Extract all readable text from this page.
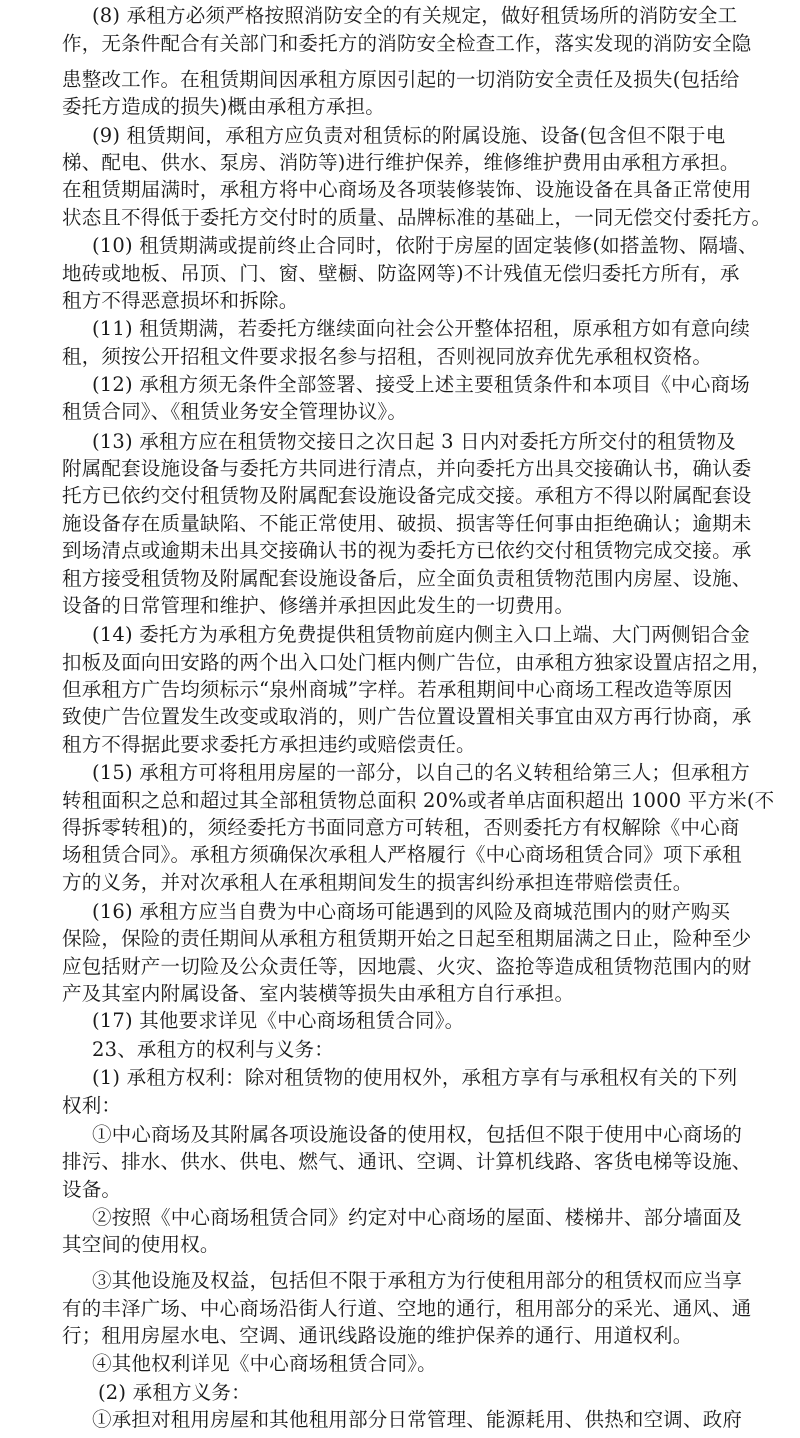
(8) 承租方必须严格按照消防安全的有关规定，做好租赁场所的消防安全工
作，无条件配合有关部门和委托方的消防安全检查工作，落实发现的消防安全隐
患整改工作。在租赁期间因承租方原因引起的一切消防安全责任及损失(包括给
委托方造成的损失)概由承租方承担。
(9) 租赁期间，承租方应负责对租赁标的附属设施、设备(包含但不限于电
梯、配电、供水、泵房、消防等)进行维护保养，维修维护费用由承租方承担。
在租赁期届满时，承租方将中心商场及各项装修装饰、设施设备在具备正常使用
状态且不得低于委托方交付时的质量、品牌标准的基础上，一同无偿交付委托方。
(10) 租赁期满或提前终止合同时，依附于房屋的固定装修(如搭盖物、隔墙、
地砖或地板、吊顶、门、窗、壁橱、防盗网等)不计残值无偿归委托方所有，承
租方不得恶意损坏和拆除。
(11) 租赁期满，若委托方继续面向社会公开整体招租，原承租方如有意向续
租，须按公开招租文件要求报名参与招租，否则视同放弃优先承租权资格。
(12) 承租方须无条件全部签署、接受上述主要租赁条件和本项目《中心商场
租赁合同》、《租赁业务安全管理协议》。
(13) 承租方应在租赁物交接日之次日起 3 日内对委托方所交付的租赁物及
附属配套设施设备与委托方共同进行清点，并向委托方出具交接确认书，确认委
托方已依约交付租赁物及附属配套设施设备完成交接。承租方不得以附属配套设
施设备存在质量缺陷、不能正常使用、破损、损害等任何事由拒绝确认；逾期未
到场清点或逾期未出具交接确认书的视为委托方已依约交付租赁物完成交接。承
租方接受租赁物及附属配套设施设备后，应全面负责租赁物范围内房屋、设施、
设备的日常管理和维护、修缮并承担因此发生的一切费用。
(14) 委托方为承租方免费提供租赁物前庭内侧主入口上端、大门两侧铝合金
扣板及面向田安路的两个出入口处门框内侧广告位，由承租方独家设置店招之用，
但承租方广告均须标示“泉州商城”字样。若承租期间中心商场工程改造等原因
致使广告位置发生改变或取消的，则广告位置设置相关事宜由双方再行协商，承
租方不得据此要求委托方承担违约或赔偿责任。
(15) 承租方可将租用房屋的一部分，以自己的名义转租给第三人；但承租方
转租面积之总和超过其全部租赁物总面积 20%或者单店面积超出 1000 平方米(不
得拆零转租)的，须经委托方书面同意方可转租，否则委托方有权解除《中心商
场租赁合同》。承租方须确保次承租人严格履行《中心商场租赁合同》项下承租
方的义务，并对次承租人在承租期间发生的损害纠纷承担连带赔偿责任。
(16) 承租方应当自费为中心商场可能遇到的风险及商城范围内的财产购买
保险，保险的责任期间从承租方租赁期开始之日起至租期届满之日止，险种至少
应包括财产一切险及公众责任等，因地震、火灾、盗抢等造成租赁物范围内的财
产及其室内附属设备、室内装横等损失由承租方自行承担。
(17) 其他要求详见《中心商场租赁合同》。
23、承租方的权利与义务：
(1) 承租方权利：除对租赁物的使用权外，承租方享有与承租权有关的下列
权利：
①中心商场及其附属各项设施设备的使用权，包括但不限于使用中心商场的
排污、排水、供水、供电、燃气、通讯、空调、计算机线路、客货电梯等设施、
设备。
②按照《中心商场租赁合同》约定对中心商场的屋面、楼梯井、部分墙面及
其空间的使用权。
③其他设施及权益，包括但不限于承租方为行使租用部分的租赁权而应当享
有的丰泽广场、中心商场沿街人行道、空地的通行，租用部分的采光、通风、通
行；租用房屋水电、空调、通讯线路设施的维护保养的通行、用道权利。
④其他权利详见《中心商场租赁合同》。
(2) 承租方义务：
①承担对租用房屋和其他租用部分日常管理、能源耗用、供热和空调、政府
